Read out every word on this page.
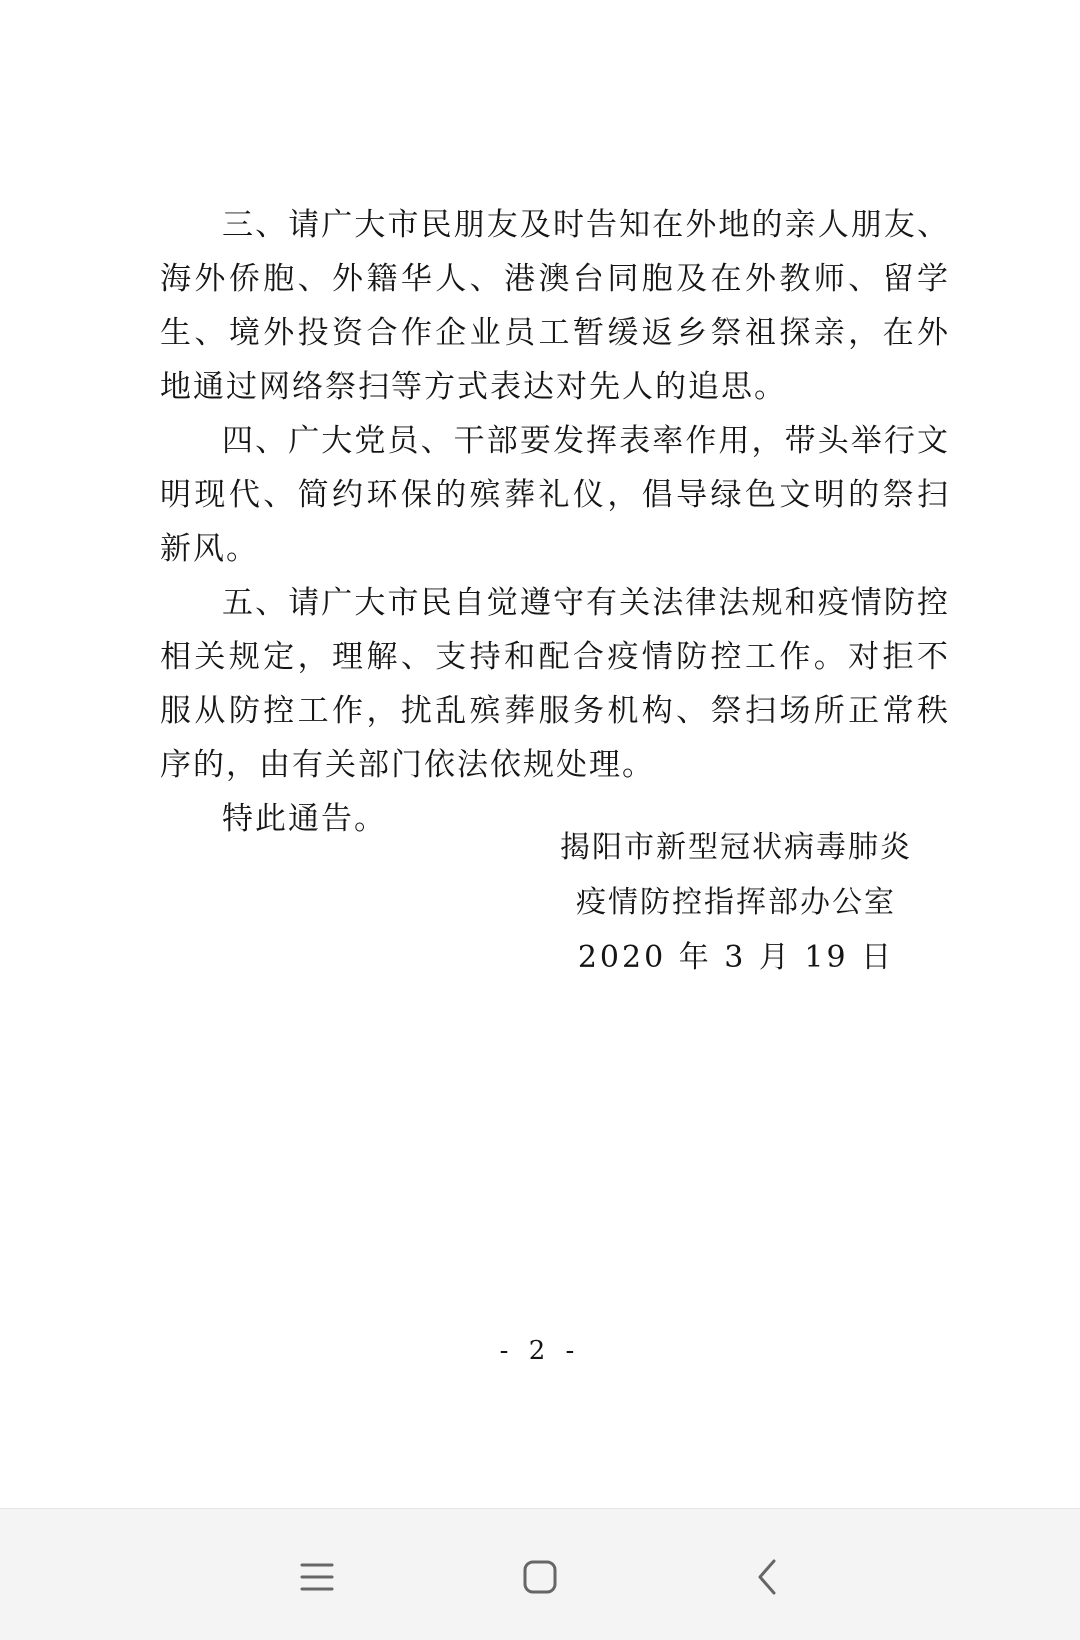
三、请广大市民朋友及时告知在外地的亲人朋友、海外侨胞、外籍华人、港澳台同胞及在外教师、留学生、境外投资合作企业员工暂缓返乡祭祖探亲，在外地通过网络祭扫等方式表达对先人的追思。

四、广大党员、干部要发挥表率作用，带头举行文明现代、简约环保的殡葬礼仪，倡导绿色文明的祭扫新风。

五、请广大市民自觉遵守有关法律法规和疫情防控相关规定，理解、支持和配合疫情防控工作。对拒不服从防控工作，扰乱殡葬服务机构、祭扫场所正常秩序的，由有关部门依法依规处理。

特此通告。

揭阳市新型冠状病毒肺炎
疫情防控指挥部办公室
2020 年 3 月 19 日
- 2 -
